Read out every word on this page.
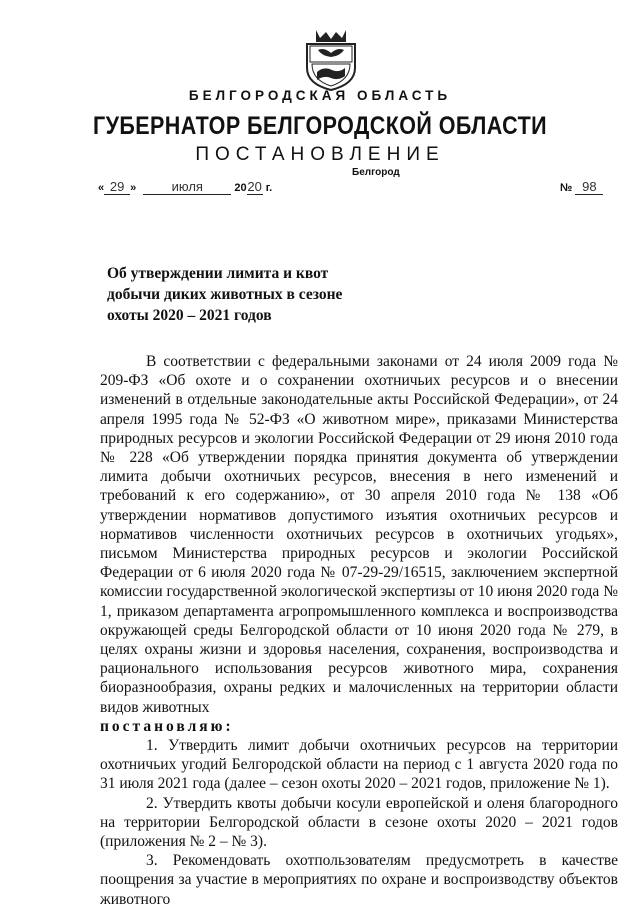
БЕЛГОРОДСКАЯ ОБЛАСТЬ
ГУБЕРНАТОР БЕЛГОРОДСКОЙ ОБЛАСТИ
ПОСТАНОВЛЕНИЕ
Белгород
« 29 »	июля	2020 г.	№ 98
Об утверждении лимита и квот добычи диких животных в сезоне охоты 2020 – 2021 годов

В соответствии с федеральными законами от 24 июля 2009 года № 209-ФЗ «Об охоте и о сохранении охотничьих ресурсов и о внесении изменений в отдельные законодательные акты Российской Федерации», от 24 апреля 1995 года № 52-ФЗ «О животном мире», приказами Министерства природных ресурсов и экологии Российской Федерации от 29 июня 2010 года № 228 «Об утверждении порядка принятия документа об утверждении лимита добычи охотничьих ресурсов, внесения в него изменений и требований к его содержанию», от 30 апреля 2010 года № 138 «Об утверждении нормативов допустимого изъятия охотничьих ресурсов и нормативов численности охотничьих ресурсов в охотничьих угодьях», письмом Министерства природных ресурсов и экологии Российской Федерации от 6 июля 2020 года № 07-29-29/16515, заключением экспертной комиссии государственной экологической экспертизы от 10 июня 2020 года № 1, приказом департамента агропромышленного комплекса и воспроизводства окружающей среды Белгородской области от 10 июня 2020 года № 279, в целях охраны жизни и здоровья населения, сохранения, воспроизводства и рационального использования ресурсов животного мира, сохранения биоразнообразия, охраны редких и малочисленных на территории области видов животных

постановляю:

1. Утвердить лимит добычи охотничьих ресурсов на территории охотничьих угодий Белгородской области на период с 1 августа 2020 года по 31 июля 2021 года (далее – сезон охоты 2020 – 2021 годов, приложение № 1).

2. Утвердить квоты добычи косули европейской и оленя благородного на территории Белгородской области в сезоне охоты 2020 – 2021 годов (приложения № 2 – № 3).

3. Рекомендовать охотпользователям предусмотреть в качестве поощрения за участие в мероприятиях по охране и воспроизводству объектов животного
